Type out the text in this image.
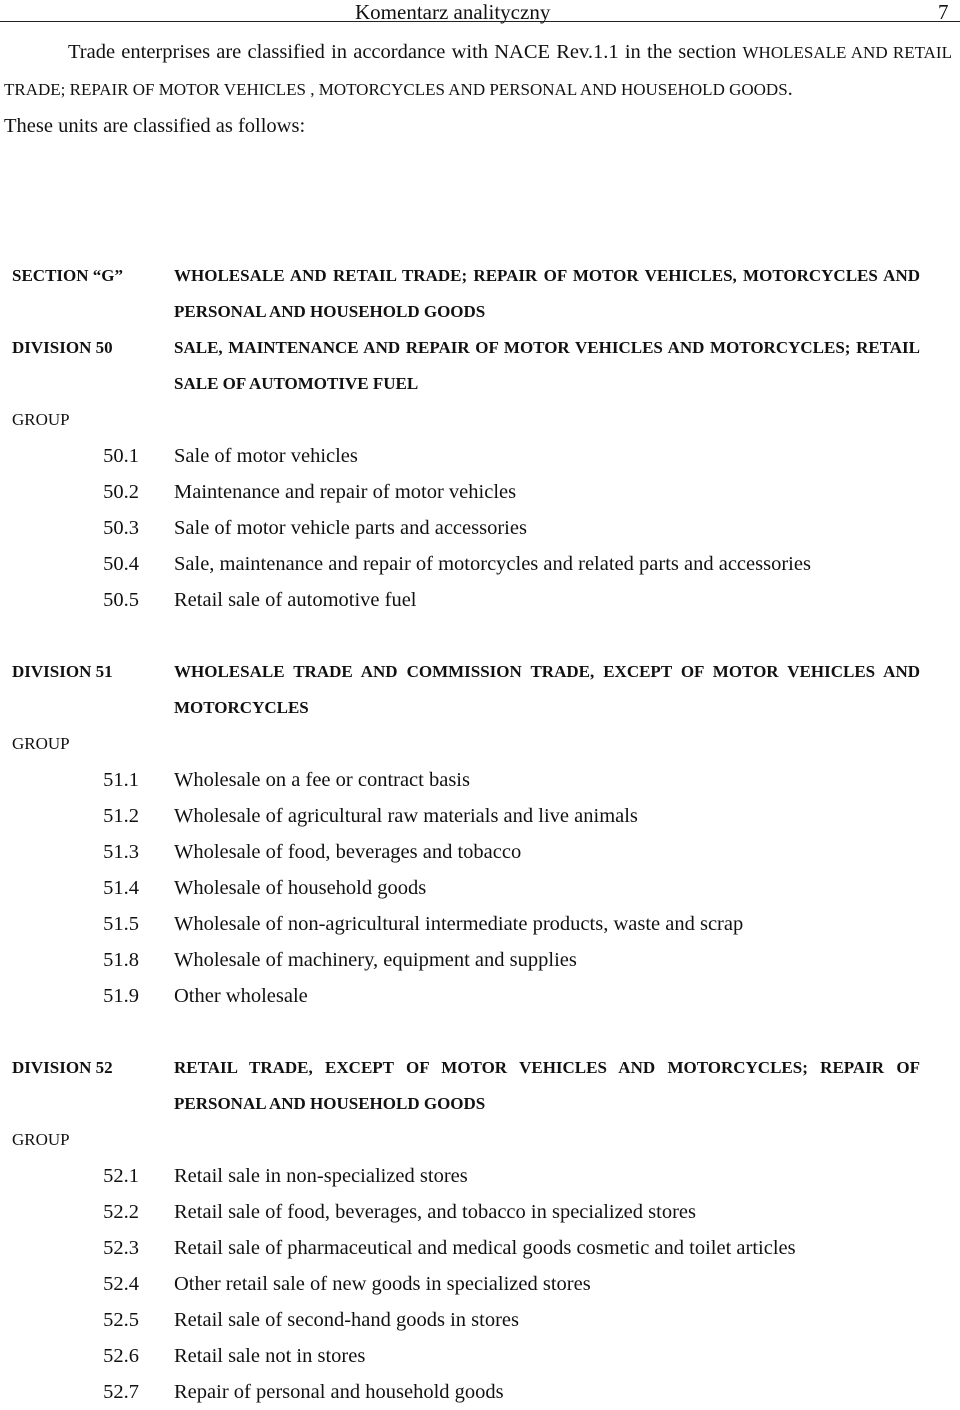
Komentarz analityczny	7

Trade enterprises are classified in accordance with NACE Rev.1.1 in the section WHOLESALE AND RETAIL TRADE; REPAIR OF MOTOR VEHICLES , MOTORCYCLES AND PERSONAL AND HOUSEHOLD GOODS.

These units are classified as follows:

SECTION “G”	WHOLESALE AND RETAIL TRADE; REPAIR OF MOTOR VEHICLES, MOTORCYCLES AND PERSONAL AND HOUSEHOLD GOODS
DIVISION 50	SALE, MAINTENANCE AND REPAIR OF MOTOR VEHICLES AND MOTORCYCLES; RETAIL SALE OF AUTOMOTIVE FUEL
GROUP
50.1 Sale of motor vehicles
50.2 Maintenance and repair of motor vehicles
50.3 Sale of motor vehicle parts and accessories
50.4 Sale, maintenance and repair of motorcycles and related parts and accessories
50.5 Retail sale of automotive fuel
DIVISION 51	WHOLESALE TRADE AND COMMISSION TRADE, EXCEPT OF MOTOR VEHICLES AND MOTORCYCLES
GROUP
51.1 Wholesale on a fee or contract basis
51.2 Wholesale of agricultural raw materials and live animals
51.3 Wholesale of food, beverages and tobacco
51.4 Wholesale of household goods
51.5 Wholesale of non-agricultural intermediate products, waste and scrap
51.8 Wholesale of machinery, equipment and supplies
51.9 Other wholesale
DIVISION 52	RETAIL TRADE, EXCEPT OF MOTOR VEHICLES AND MOTORCYCLES; REPAIR OF PERSONAL AND HOUSEHOLD GOODS
GROUP
52.1 Retail sale in non-specialized stores
52.2 Retail sale of food, beverages, and tobacco in specialized stores
52.3 Retail sale of pharmaceutical and medical goods cosmetic and toilet articles
52.4 Other retail sale of new goods in specialized stores
52.5 Retail sale of second-hand goods in stores
52.6 Retail sale not in stores
52.7 Repair of personal and household goods
